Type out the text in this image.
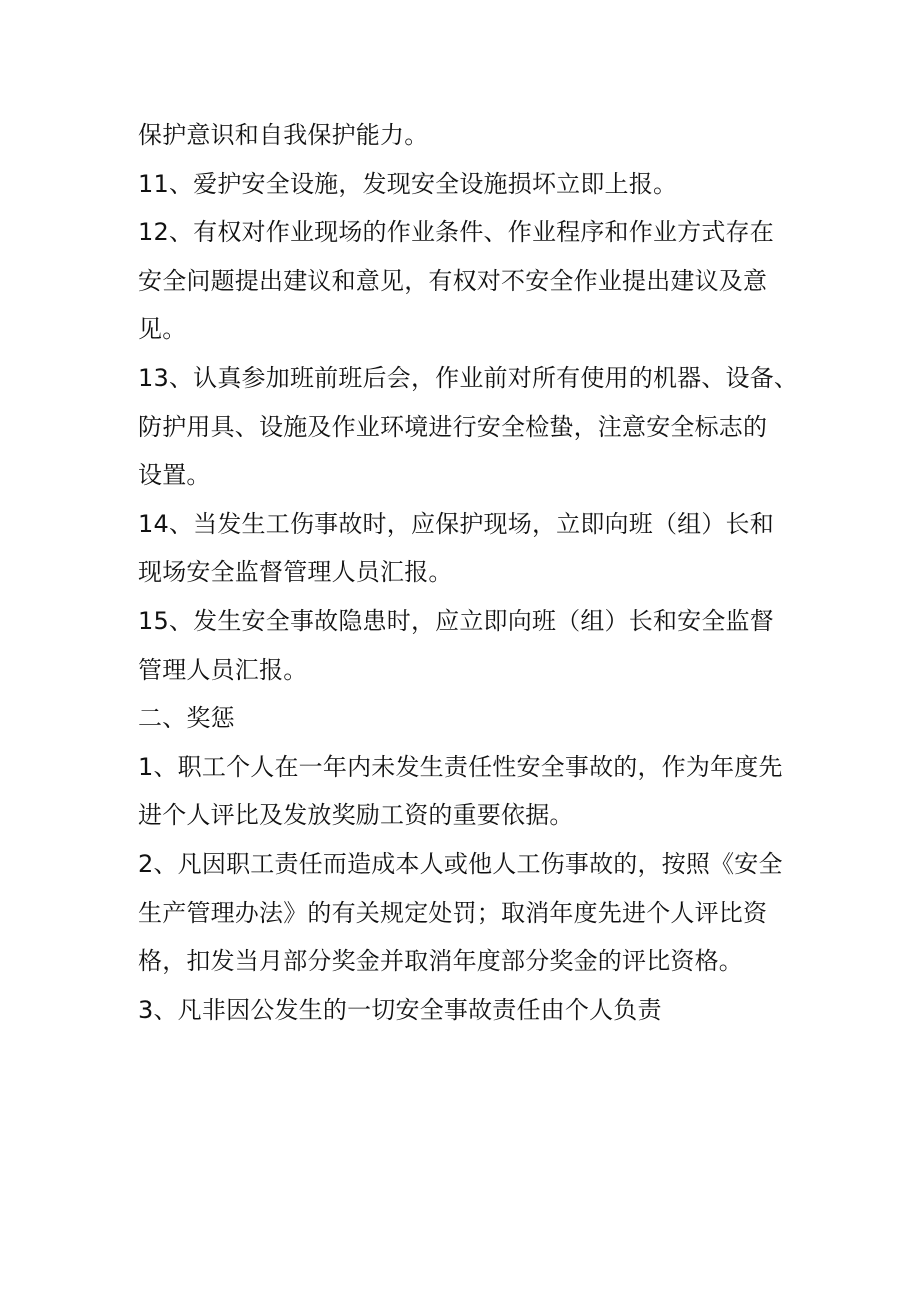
保护意识和自我保护能力。
11、爱护安全设施，发现安全设施损坏立即上报。
12、有权对作业现场的作业条件、作业程序和作业方式存在
安全问题提出建议和意见，有权对不安全作业提出建议及意
见。
13、认真参加班前班后会，作业前对所有使用的机器、设备、
防护用具、设施及作业环境进行安全检蛰，注意安全标志的
设置。
14、当发生工伤事故时，应保护现场，立即向班（组）长和
现场安全监督管理人员汇报。
15、发生安全事故隐患时，应立即向班（组）长和安全监督
管理人员汇报。
二、奖惩
1、职工个人在一年内未发生责任性安全事故的，作为年度先
进个人评比及发放奖励工资的重要依据。
2、凡因职工责任而造成本人或他人工伤事故的，按照《安全
生产管理办法》的有关规定处罚；取消年度先进个人评比资
格，扣发当月部分奖金并取消年度部分奖金的评比资格。
3、凡非因公发生的一切安全事故责任由个人负责
